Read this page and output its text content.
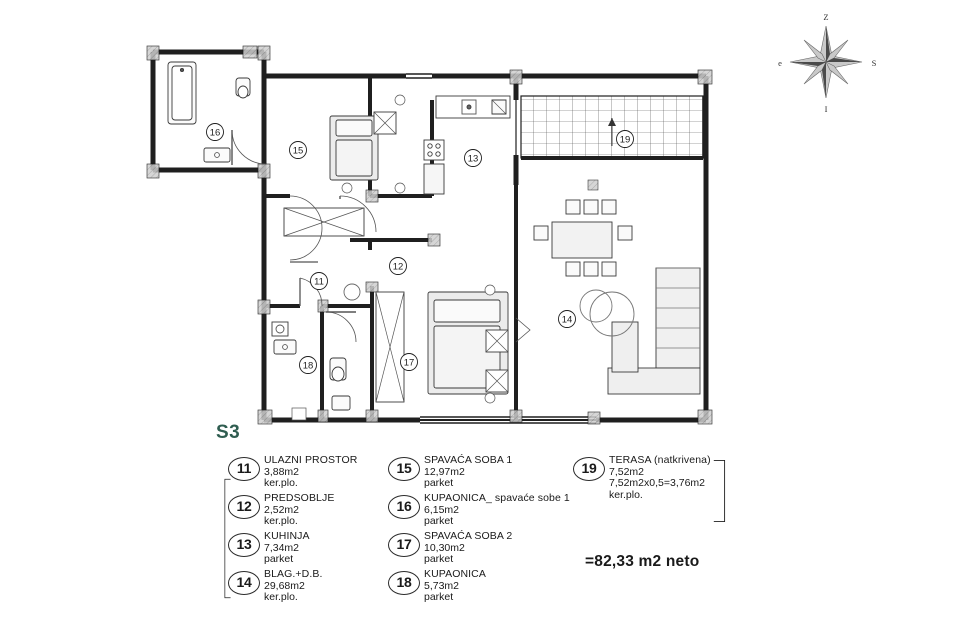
16
15
13
19
11
12
14
18	17
Z
S
I
e
S3
11	ULAZNI PROSTOR
3,88m2
ker.plo.
12	PREDSOBLJE
2,52m2
ker.plo.
13	KUHINJA
7,34m2
parket
14	BLAG.+D.B.
29,68m2
ker.plo.
15	SPAVAĆA SOBA 1
12,97m2
parket
16	KUPAONICA_ spavaće sobe 1
6,15m2
parket
17	SPAVAĆA SOBA 2
10,30m2
parket
18	KUPAONICA
5,73m2
parket
19	TERASA (natkrivena)
7,52m2
7,52m2x0,5=3,76m2
ker.plo.
=82,33 m2 neto
